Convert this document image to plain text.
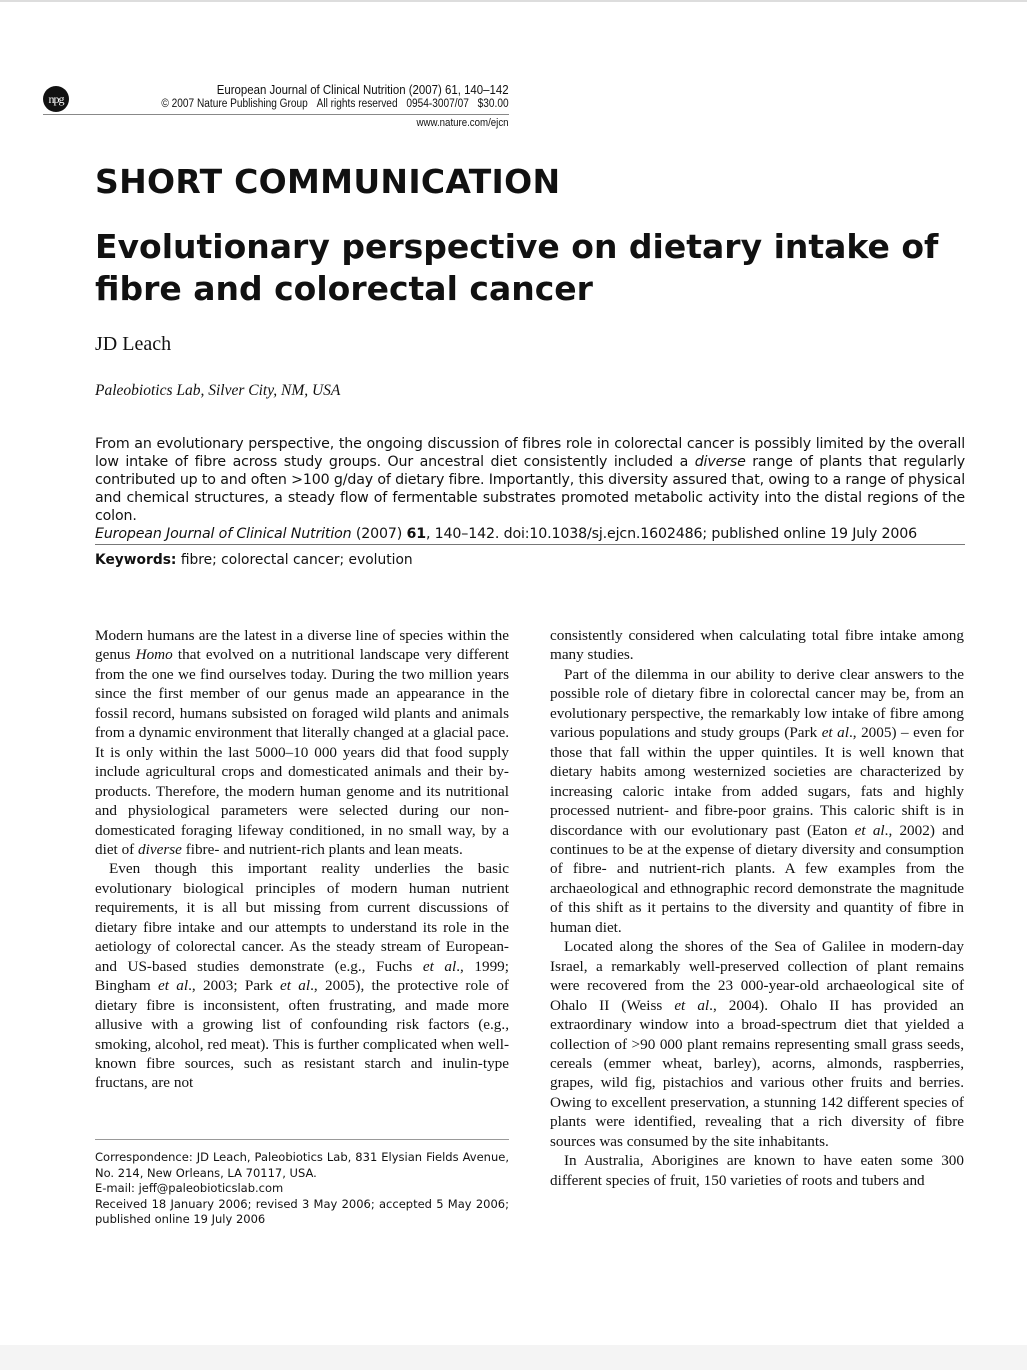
npg
European Journal of Clinical Nutrition (2007) 61, 140–142
© 2007 Nature Publishing Group All rights reserved 0954-3007/07 $30.00
www.nature.com/ejcn
SHORT COMMUNICATION
Evolutionary perspective on dietary intake of fibre and colorectal cancer
JD Leach
Paleobiotics Lab, Silver City, NM, USA
From an evolutionary perspective, the ongoing discussion of fibres role in colorectal cancer is possibly limited by the overall low intake of fibre across study groups. Our ancestral diet consistently included a diverse range of plants that regularly contributed up to and often >100 g/day of dietary fibre. Importantly, this diversity assured that, owing to a range of physical and chemical structures, a steady flow of fermentable substrates promoted metabolic activity into the distal regions of the colon.
European Journal of Clinical Nutrition (2007) 61, 140–142. doi:10.1038/sj.ejcn.1602486; published online 19 July 2006
Keywords: fibre; colorectal cancer; evolution

Modern humans are the latest in a diverse line of species within the genus Homo that evolved on a nutritional landscape very different from the one we find ourselves today. During the two million years since the first member of our genus made an appearance in the fossil record, humans subsisted on foraged wild plants and animals from a dynamic environment that literally changed at a glacial pace. It is only within the last 5000–10 000 years did that food supply include agricultural crops and domesticated animals and their by-products. Therefore, the modern human genome and its nutritional and physiological parameters were selected during our non-domesticated foraging lifeway conditioned, in no small way, by a diet of diverse fibre- and nutrient-rich plants and lean meats.

Even though this important reality underlies the basic evolutionary biological principles of modern human nutrient requirements, it is all but missing from current discussions of dietary fibre intake and our attempts to understand its role in the aetiology of colorectal cancer. As the steady stream of European- and US-based studies demonstrate (e.g., Fuchs et al., 1999; Bingham et al., 2003; Park et al., 2005), the protective role of dietary fibre is inconsistent, often frustrating, and made more allusive with a growing list of confounding risk factors (e.g., smoking, alcohol, red meat). This is further complicated when well-known fibre sources, such as resistant starch and inulin-type fructans, are not

consistently considered when calculating total fibre intake among many studies.

Part of the dilemma in our ability to derive clear answers to the possible role of dietary fibre in colorectal cancer may be, from an evolutionary perspective, the remarkably low intake of fibre among various populations and study groups (Park et al., 2005) – even for those that fall within the upper quintiles. It is well known that dietary habits among westernized societies are characterized by increasing caloric intake from added sugars, fats and highly processed nutrient- and fibre-poor grains. This caloric shift is in discordance with our evolutionary past (Eaton et al., 2002) and continues to be at the expense of dietary diversity and consumption of fibre- and nutrient-rich plants. A few examples from the archaeological and ethnographic record demonstrate the magnitude of this shift as it pertains to the diversity and quantity of fibre in human diet.

Located along the shores of the Sea of Galilee in modern-day Israel, a remarkably well-preserved collection of plant remains were recovered from the 23 000-year-old archaeological site of Ohalo II (Weiss et al., 2004). Ohalo II has provided an extraordinary window into a broad-spectrum diet that yielded a collection of >90 000 plant remains representing small grass seeds, cereals (emmer wheat, barley), acorns, almonds, raspberries, grapes, wild fig, pistachios and various other fruits and berries. Owing to excellent preservation, a stunning 142 different species of plants were identified, revealing that a rich diversity of fibre sources was consumed by the site inhabitants.

In Australia, Aborigines are known to have eaten some 300 different species of fruit, 150 varieties of roots and tubers and

Correspondence: JD Leach, Paleobiotics Lab, 831 Elysian Fields Avenue, No. 214, New Orleans, LA 70117, USA.
E-mail: jeff@paleobioticslab.com
Received 18 January 2006; revised 3 May 2006; accepted 5 May 2006; published online 19 July 2006
